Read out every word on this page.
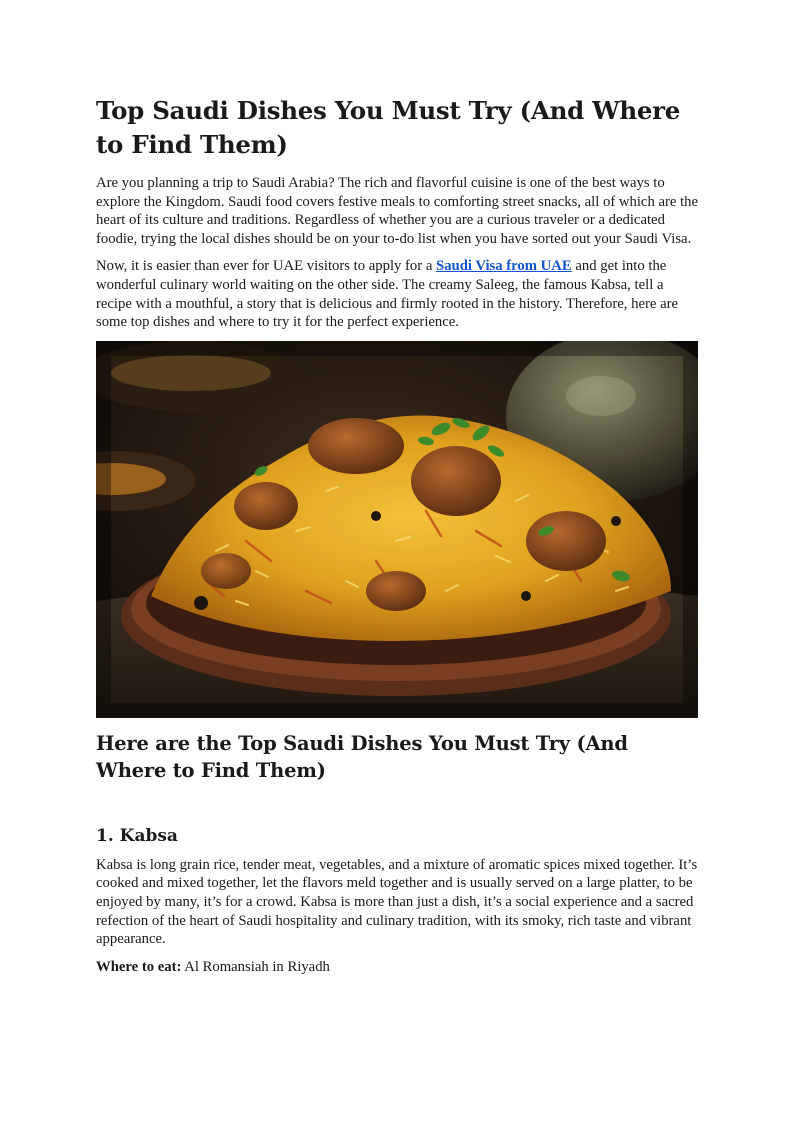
Top Saudi Dishes You Must Try (And Where to Find Them)

Are you planning a trip to Saudi Arabia? The rich and flavorful cuisine is one of the best ways to explore the Kingdom. Saudi food covers festive meals to comforting street snacks, all of which are the heart of its culture and traditions. Regardless of whether you are a curious traveler or a dedicated foodie, trying the local dishes should be on your to-do list when you have sorted out your Saudi Visa.

Now, it is easier than ever for UAE visitors to apply for a Saudi Visa from UAE and get into the wonderful culinary world waiting on the other side. The creamy Saleeg, the famous Kabsa, tell a recipe with a mouthful, a story that is delicious and firmly rooted in the history. Therefore, here are some top dishes and where to try it for the perfect experience.

Here are the Top Saudi Dishes You Must Try (And Where to Find Them)
1. Kabsa

Kabsa is long grain rice, tender meat, vegetables, and a mixture of aromatic spices mixed together. It’s cooked and mixed together, let the flavors meld together and is usually served on a large platter, to be enjoyed by many, it’s for a crowd. Kabsa is more than just a dish, it’s a social experience and a sacred refection of the heart of Saudi hospitality and culinary tradition, with its smoky, rich taste and vibrant appearance.

Where to eat: Al Romansiah in Riyadh
